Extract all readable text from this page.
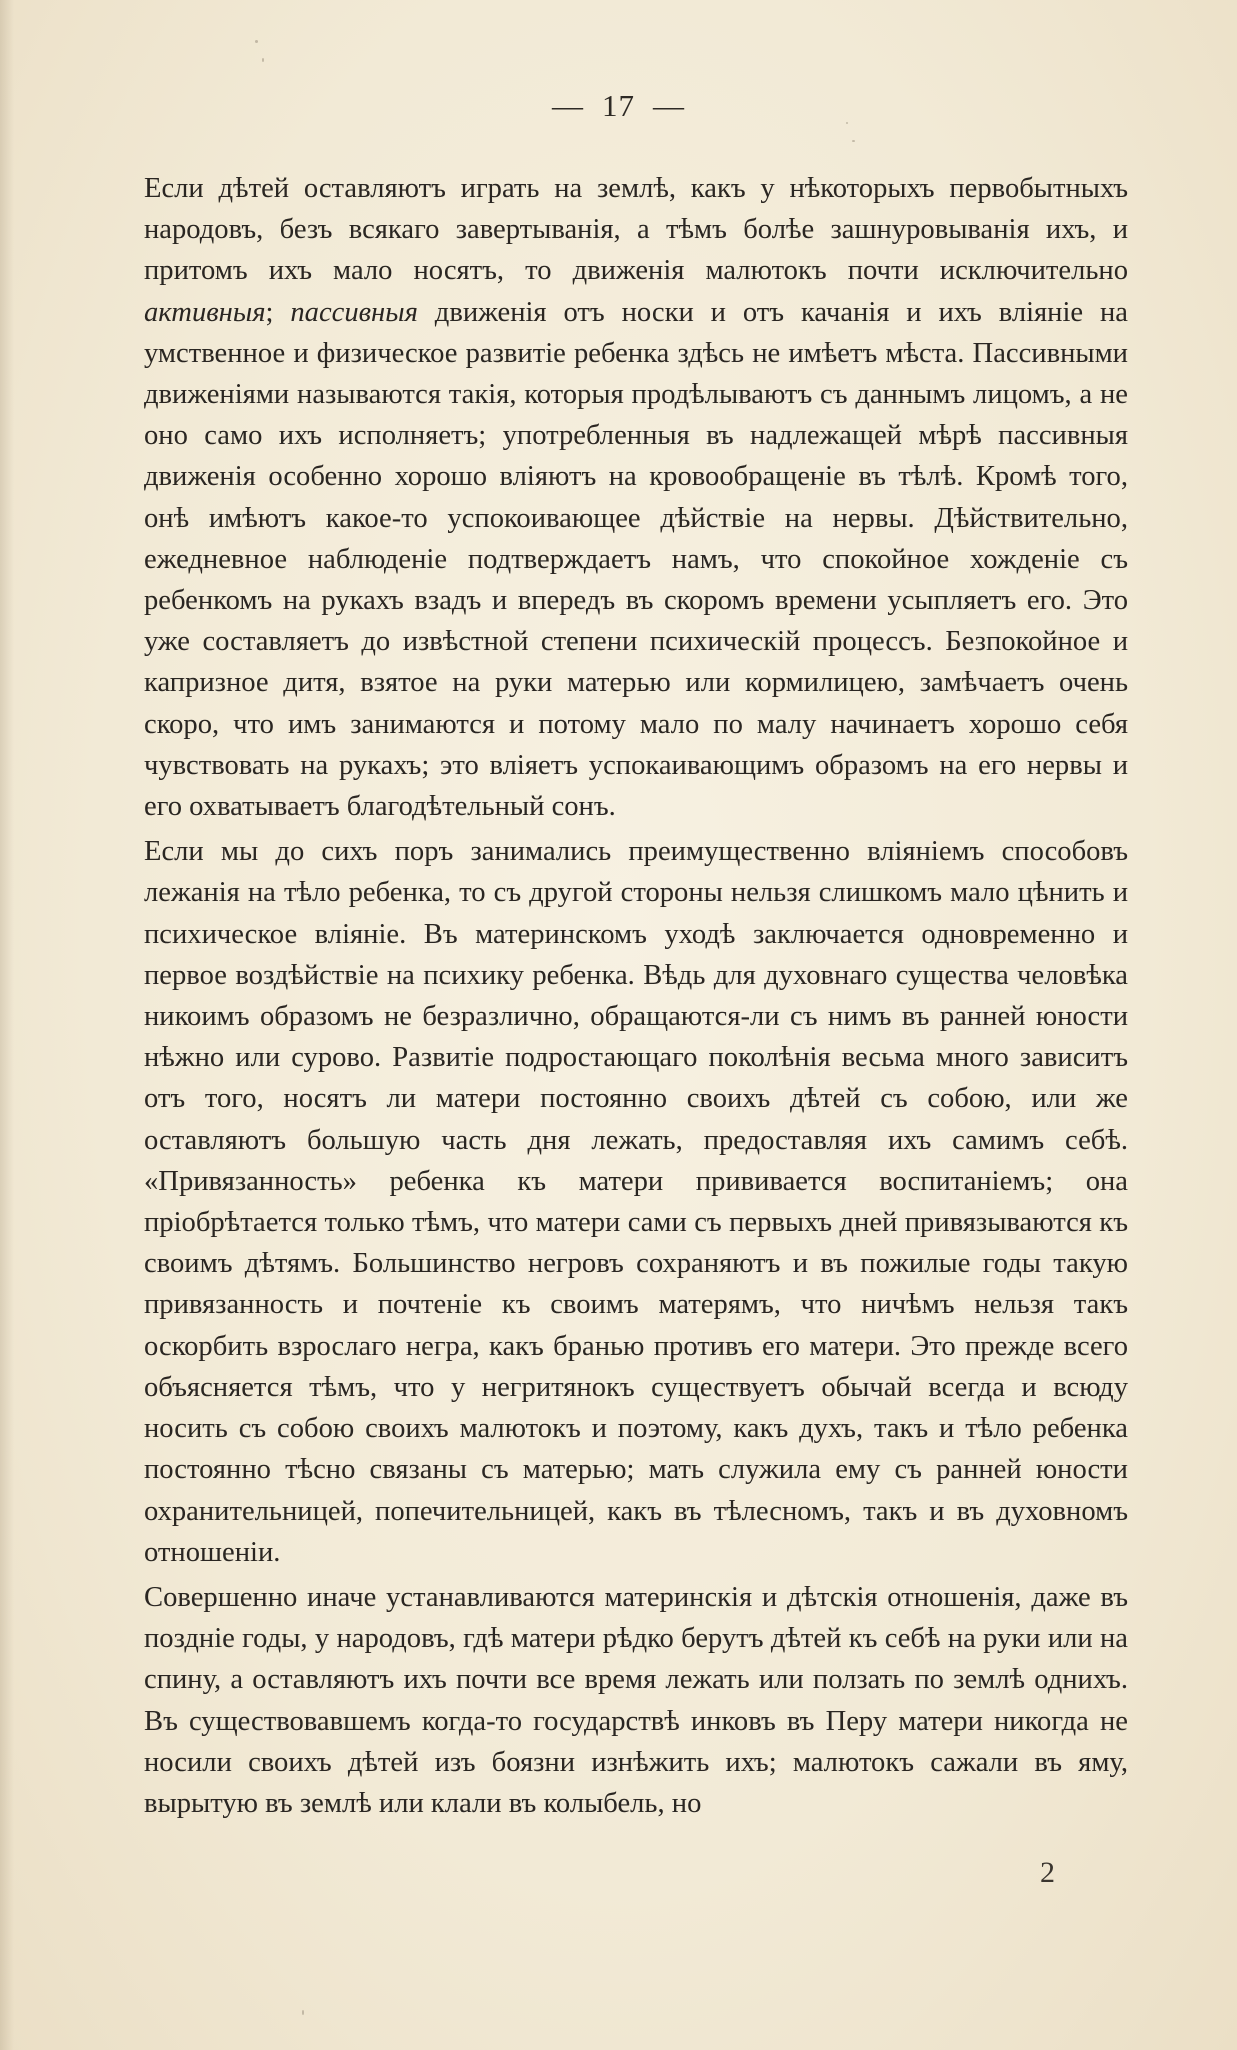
— 17 —

Если дѣтей оставляютъ играть на землѣ, какъ у нѣкоторыхъ первобытныхъ народовъ, безъ всякаго завертыванія, а тѣмъ болѣе зашнуровыванія ихъ, и притомъ ихъ мало носятъ, то движенія малютокъ почти исключительно активныя; пассивныя движенія отъ носки и отъ качанія и ихъ вліяніе на умственное и физическое развитіе ребенка здѣсь не имѣетъ мѣста. Пассивными движеніями называются такія, которыя продѣлываютъ съ даннымъ лицомъ, а не оно само ихъ исполняетъ; употребленныя въ надлежащей мѣрѣ пассивныя движенія особенно хорошо вліяютъ на кровообращеніе въ тѣлѣ. Кромѣ того, онѣ имѣютъ какое-то успокоивающее дѣйствіе на нервы. Дѣйствительно, ежедневное наблюденіе подтверждаетъ намъ, что спокойное хожденіе съ ребенкомъ на рукахъ взадъ и впередъ въ скоромъ времени усыпляетъ его. Это уже составляетъ до извѣстной степени психическій процессъ. Безпокойное и капризное дитя, взятое на руки матерью или кормилицею, замѣчаетъ очень скоро, что имъ занимаются и потому мало по малу начинаетъ хорошо себя чувствовать на рукахъ; это вліяетъ успокаивающимъ образомъ на его нервы и его охватываетъ благодѣтельный сонъ.

Если мы до сихъ поръ занимались преимущественно вліяніемъ способовъ лежанія на тѣло ребенка, то съ другой стороны нельзя слишкомъ мало цѣнить и психическое вліяніе. Въ материнскомъ уходѣ заключается одновременно и первое воздѣйствіе на психику ребенка. Вѣдь для духовнаго существа человѣка никоимъ образомъ не безразлично, обращаются-ли съ нимъ въ ранней юности нѣжно или сурово. Развитіе подростающаго поколѣнія весьма много зависитъ отъ того, носятъ ли матери постоянно своихъ дѣтей съ собою, или же оставляютъ большую часть дня лежать, предоставляя ихъ самимъ себѣ. «Привязанность» ребенка къ матери прививается воспитаніемъ; она пріобрѣтается только тѣмъ, что матери сами съ первыхъ дней привязываются къ своимъ дѣтямъ. Большинство негровъ сохраняютъ и въ пожилые годы такую привязанность и почтеніе къ своимъ матерямъ, что ничѣмъ нельзя такъ оскорбить взрослаго негра, какъ бранью противъ его матери. Это прежде всего объясняется тѣмъ, что у негритянокъ существуетъ обычай всегда и всюду носить съ собою своихъ малютокъ и поэтому, какъ духъ, такъ и тѣло ребенка постоянно тѣсно связаны съ матерью; мать служила ему съ ранней юности охранительницей, попечительницей, какъ въ тѣлесномъ, такъ и въ духовномъ отношеніи.

Совершенно иначе устанавливаются материнскія и дѣтскія отношенія, даже въ поздніе годы, у народовъ, гдѣ матери рѣдко берутъ дѣтей къ себѣ на руки или на спину, а оставляютъ ихъ почти все время лежать или ползать по землѣ однихъ. Въ существовавшемъ когда-то государствѣ инковъ въ Перу матери никогда не носили своихъ дѣтей изъ боязни изнѣжить ихъ; малютокъ сажали въ яму, вырытую въ землѣ или клали въ колыбель, но

2
